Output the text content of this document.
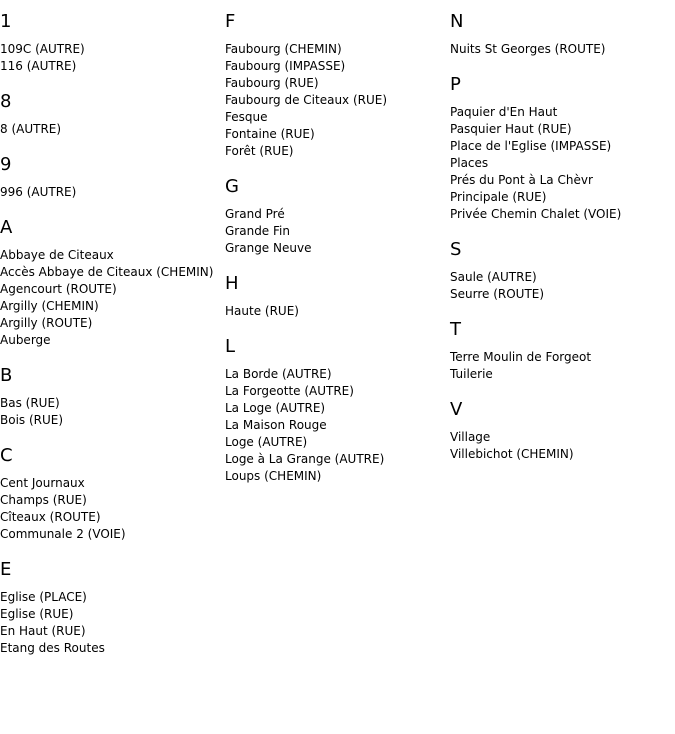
1
109C (AUTRE)
116 (AUTRE)
8
8 (AUTRE)
9
996 (AUTRE)
A
Abbaye de Citeaux
Accès Abbaye de Citeaux (CHEMIN)
Agencourt (ROUTE)
Argilly (CHEMIN)
Argilly (ROUTE)
Auberge
B
Bas (RUE)
Bois (RUE)
C
Cent Journaux
Champs (RUE)
Cîteaux (ROUTE)
Communale 2 (VOIE)
E
Eglise (PLACE)
Eglise (RUE)
En Haut (RUE)
Etang des Routes
F
Faubourg (CHEMIN)
Faubourg (IMPASSE)
Faubourg (RUE)
Faubourg de Citeaux (RUE)
Fesque
Fontaine (RUE)
Forêt (RUE)
G
Grand Pré
Grande Fin
Grange Neuve
H
Haute (RUE)
L
La Borde (AUTRE)
La Forgeotte (AUTRE)
La Loge (AUTRE)
La Maison Rouge
Loge (AUTRE)
Loge à La Grange (AUTRE)
Loups (CHEMIN)
N
Nuits St Georges (ROUTE)
P
Paquier d'En Haut
Pasquier Haut (RUE)
Place de l'Eglise (IMPASSE)
Places
Prés du Pont à La Chèvr
Principale (RUE)
Privée Chemin Chalet (VOIE)
S
Saule (AUTRE)
Seurre (ROUTE)
T
Terre Moulin de Forgeot
Tuilerie
V
Village
Villebichot (CHEMIN)
